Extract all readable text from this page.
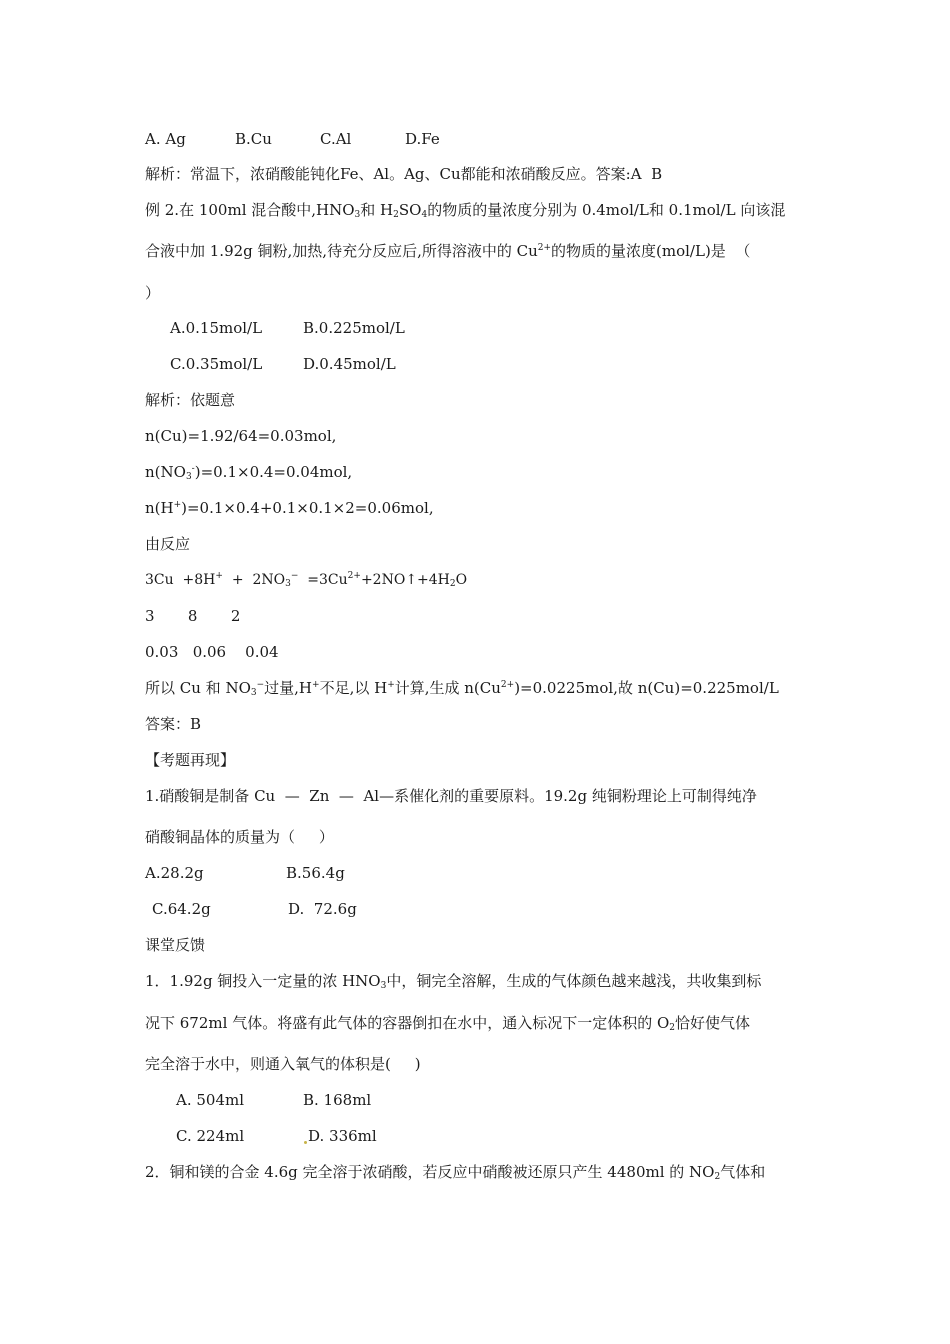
A. Ag	B.Cu	C.Al	D.Fe
解析：常温下，浓硝酸能钝化Fe、Al。Ag、Cu都能和浓硝酸反应。答案:A  B
例 2.在 100ml 混合酸中$,HNO_3$和 $H_2SO_4$的物质的量浓度分别为 0.4mol/L和 0.1mol/L 向该混
合液中加 1.92g 铜粉,加热,待充分反应后,所得溶液中的 $Cu^{2+}$的物质的量浓度(mol/L)是  （
）
A.0.15mol/L	B.0.225mol/L
C.0.35mol/L	D.0.45mol/L
解析：依题意
n(Cu)=1.92/64=0.03mol,
$n(NO_3^-)=0.1\times 0.4=0.04mol$,
n(H+)=0.1×0.4+0.1×0.1×2=0.06mol,
由反应
$3Cu +8H^+ + 2NO_3^-$  $=3Cu^{2+}+2NO↑+4H_2O$
3       8       2
0.03   0.06    0.04
所以 Cu 和 $NO_3^-$过量,H+不足,以 H+计算,生成 $n(Cu^{2+})=0.0225mol$,故 n(Cu)=0.225mol/L
答案：B
【考题再现】
1.硝酸铜是制备 Cu  —  Zn  —  Al—系催化剂的重要原料。19.2g 纯铜粉理论上可制得纯净
硝酸铜晶体的质量为（     ）
A.28.2g	B.56.4g
C.64.2g	D.  72.6g
课堂反馈
1．1.92g 铜投入一定量的浓 $HNO_3$中，铜完全溶解，生成的气体颜色越来越浅，共收集到标
况下 672ml 气体。将盛有此气体的容器倒扣在水中，通入标况下一定体积的 $O_2$恰好使气体
完全溶于水中，则通入氧气的体积是(     )
A. 504ml	B. 168ml
C. 224ml	D. 336ml
2．铜和镁的合金 4.6g 完全溶于浓硝酸，若反应中硝酸被还原只产生 4480ml 的 $NO_2$气体和
